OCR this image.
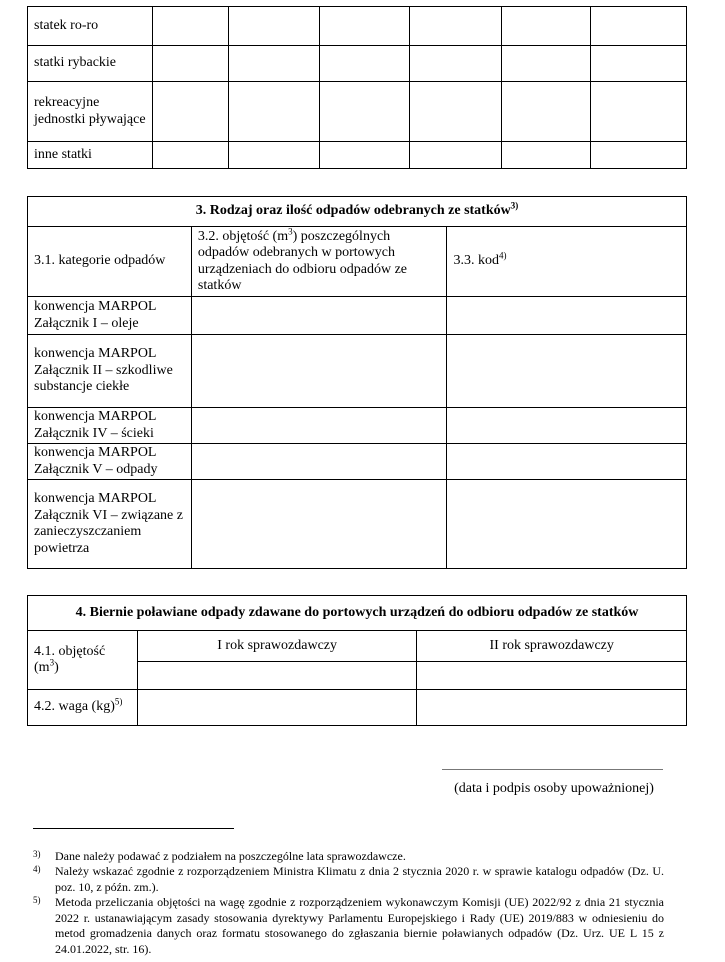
statek ro-ro						
statki rybackie						
rekreacyjne jednostki pływające						
inne statki						
3. Rodzaj oraz ilość odpadów odebranych ze statków$^{3)}$
3.1. kategorie odpadów	3.2. objętość $(m^3)$ poszczególnych odpadów odebranych w portowych urządzeniach do odbioru odpadów ze statków	3.3. kod$^{4)}$
konwencja MARPOL Załącznik I – oleje		
konwencja MARPOL Załącznik II – szkodliwe substancje ciekłe		
konwencja MARPOL Załącznik IV – ścieki		
konwencja MARPOL Załącznik V – odpady		
konwencja MARPOL Załącznik VI – związane z zanieczyszczaniem powietrza		
4. Biernie poławiane odpady zdawane do portowych urządzeń do odbioru odpadów ze statków		
4.1. objętość $(m^3)$	I rok sprawozdawczy	II rok sprawozdawczy

4.2. waga (kg)$^{5)}$		
(data i podpis osoby upoważnionej)
3) Dane należy podawać z podziałem na poszczególne lata sprawozdawcze.
4) Należy wskazać zgodnie z rozporządzeniem Ministra Klimatu z dnia 2 stycznia 2020 r. w sprawie katalogu odpadów (Dz. U. poz. 10, z późn. zm.).
5) Metoda przeliczania objętości na wagę zgodnie z rozporządzeniem wykonawczym Komisji (UE) 2022/92 z dnia 21 stycznia 2022 r. ustanawiającym zasady stosowania dyrektywy Parlamentu Europejskiego i Rady (UE) 2019/883 w odniesieniu do metod gromadzenia danych oraz formatu stosowanego do zgłaszania biernie poławianych odpadów (Dz. Urz. UE L 15 z 24.01.2022, str. 16).
